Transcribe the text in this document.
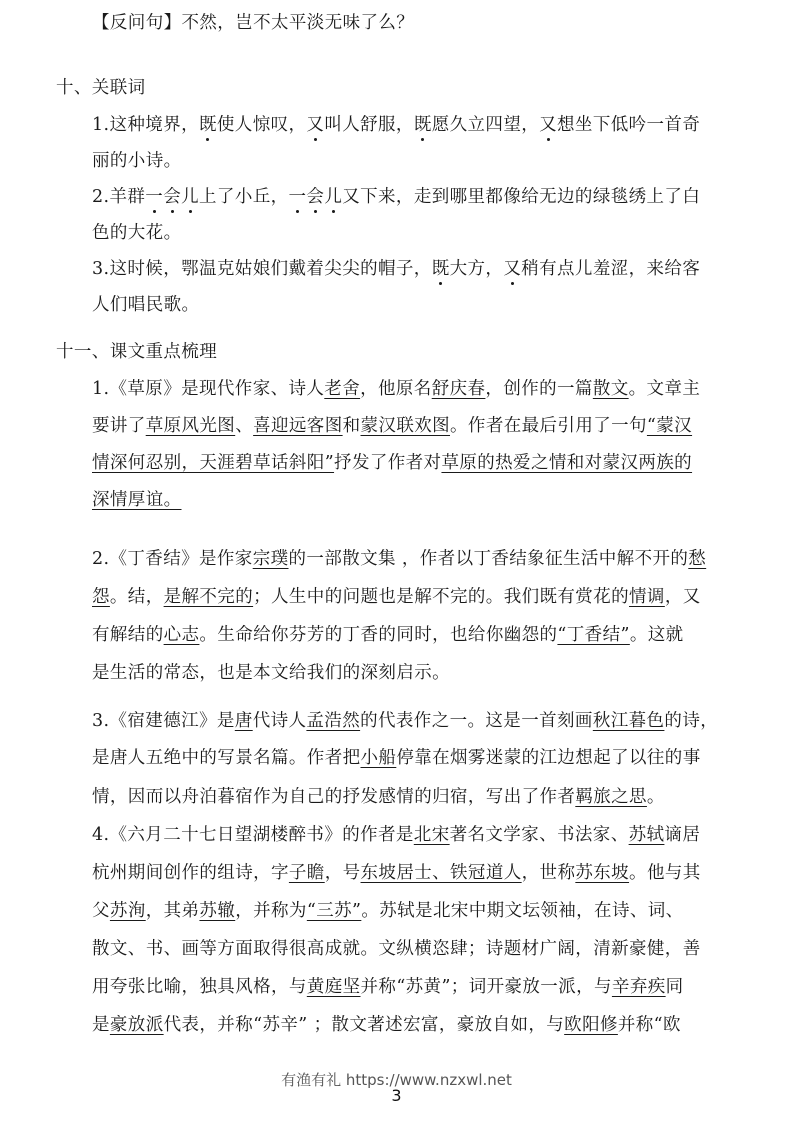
【反问句】不然，岂不太平淡无味了么？
十、关联词
1.这种境界，既使人惊叹，又叫人舒服，既愿久立四望，又想坐下低吟一首奇
丽的小诗。
2.羊群一会儿上了小丘，一会儿又下来，走到哪里都像给无边的绿毯绣上了白
色的大花。
3.这时候，鄂温克姑娘们戴着尖尖的帽子，既大方，又稍有点儿羞涩，来给客
人们唱民歌。
十一、课文重点梳理
1.《草原》是现代作家、诗人老舍，他原名舒庆春，创作的一篇散文。文章主
要讲了草原风光图、喜迎远客图和蒙汉联欢图。作者在最后引用了一句“蒙汉
情深何忍别，天涯碧草话斜阳”抒发了作者对草原的热爱之情和对蒙汉两族的
深情厚谊。
2.《丁香结》是作家宗璞的一部散文集 ，作者以丁香结象征生活中解不开的愁
怨。结，是解不完的；人生中的问题也是解不完的。我们既有赏花的情调，又
有解结的心志。生命给你芬芳的丁香的同时，也给你幽怨的“丁香结”。这就
是生活的常态，也是本文给我们的深刻启示。
3.《宿建德江》是唐代诗人孟浩然的代表作之一。这是一首刻画秋江暮色的诗，
是唐人五绝中的写景名篇。作者把小船停靠在烟雾迷蒙的江边想起了以往的事
情，因而以舟泊暮宿作为自己的抒发感情的归宿，写出了作者羁旅之思。
4.《六月二十七日望湖楼醉书》的作者是北宋著名文学家、书法家、苏轼谪居
杭州期间创作的组诗，字子瞻，号东坡居士、铁冠道人，世称苏东坡。他与其
父苏洵，其弟苏辙，并称为“三苏”。苏轼是北宋中期文坛领袖，在诗、词、
散文、书、画等方面取得很高成就。文纵横恣肆；诗题材广阔，清新豪健，善
用夸张比喻，独具风格，与黄庭坚并称“苏黄”；词开豪放一派，与辛弃疾同
是豪放派代表，并称“苏辛” ；散文著述宏富，豪放自如，与欧阳修并称“欧
有渔有礼 https://www.nzxwl.net
3
